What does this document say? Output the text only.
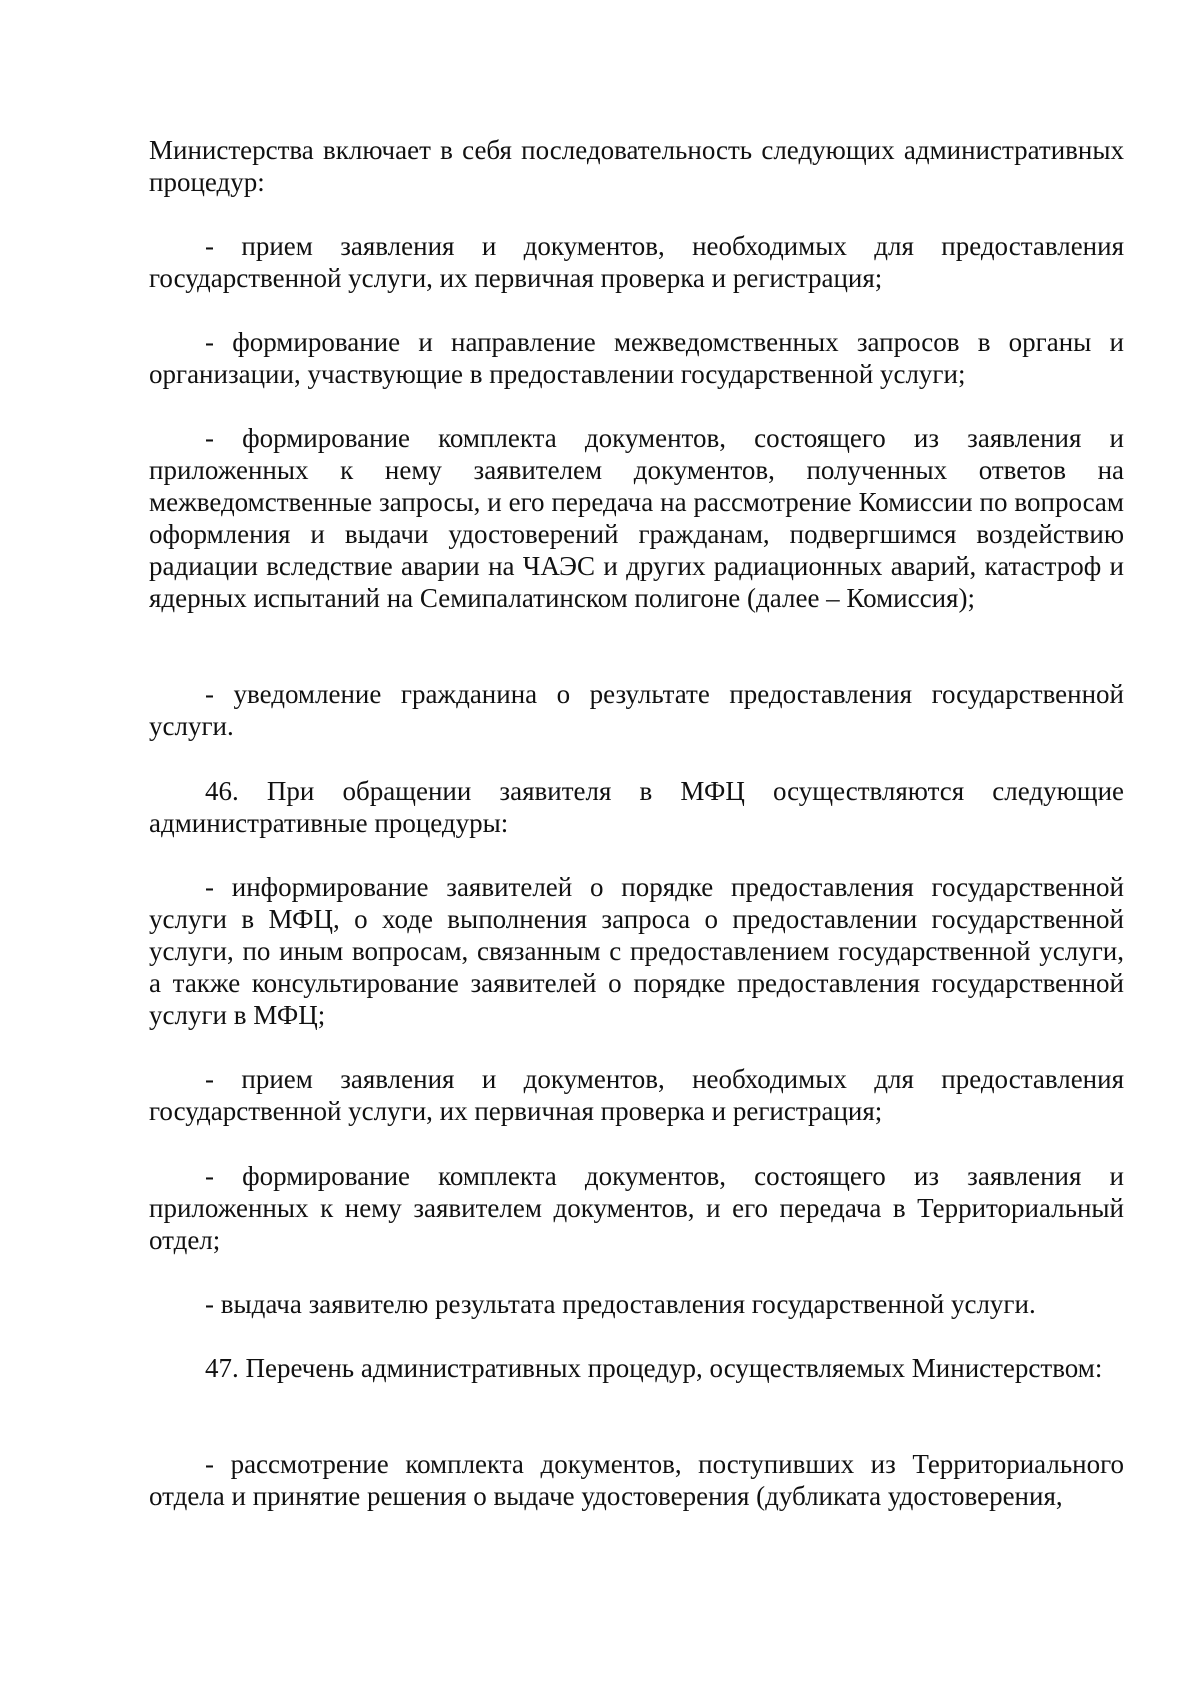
Министерства включает в себя последовательность следующих административных процедур:

- прием заявления и документов, необходимых для предоставления государственной услуги, их первичная проверка и регистрация;

- формирование и направление межведомственных запросов в органы и организации, участвующие в предоставлении государственной услуги;

- формирование комплекта документов, состоящего из заявления и приложенных к нему заявителем документов, полученных ответов на межведомственные запросы, и его передача на рассмотрение Комиссии по вопросам оформления и выдачи удостоверений гражданам, подвергшимся воздействию радиации вследствие аварии на ЧАЭС и других радиационных аварий, катастроф и ядерных испытаний на Семипалатинском полигоне (далее – Комиссия);

- уведомление гражданина о результате предоставления государственной услуги.

46. При обращении заявителя в МФЦ осуществляются следующие административные процедуры:

- информирование заявителей о порядке предоставления государственной услуги в МФЦ, о ходе выполнения запроса о предоставлении государственной услуги, по иным вопросам, связанным с предоставлением государственной услуги, а также консультирование заявителей о порядке предоставления государственной услуги в МФЦ;

- прием заявления и документов, необходимых для предоставления государственной услуги, их первичная проверка и регистрация;

- формирование комплекта документов, состоящего из заявления и приложенных к нему заявителем документов, и его передача в Территориальный отдел;

- выдача заявителю результата предоставления государственной услуги.

47. Перечень административных процедур, осуществляемых Министерством:

- рассмотрение комплекта документов, поступивших из Территориального отдела и принятие решения о выдаче удостоверения (дубликата удостоверения,
